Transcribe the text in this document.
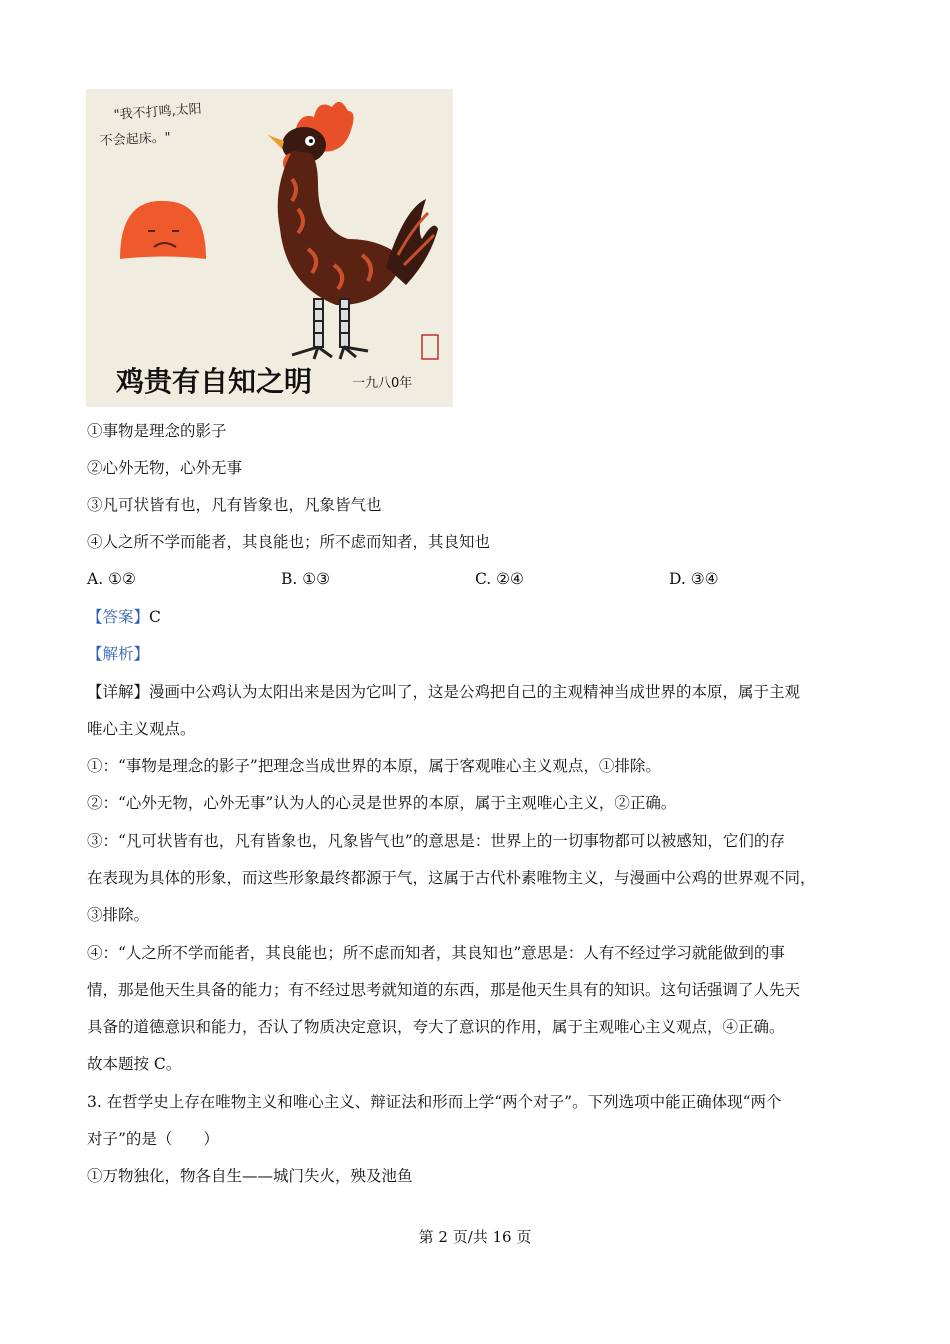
"我不打鸣,太阳
不会起床。"
鸡贵有自知之明	一九八0年
①事物是理念的影子
②心外无物，心外无事
③凡可状皆有也，凡有皆象也，凡象皆气也
④人之所不学而能者，其良能也；所不虑而知者，其良知也
A. ①②	B. ①③	C. ②④	D. ③④
【答案】C
【解析】
【详解】漫画中公鸡认为太阳出来是因为它叫了，这是公鸡把自己的主观精神当成世界的本原，属于主观
唯心主义观点。
①：“事物是理念的影子”把理念当成世界的本原，属于客观唯心主义观点，①排除。
②：“心外无物，心外无事”认为人的心灵是世界的本原，属于主观唯心主义，②正确。
③：“凡可状皆有也，凡有皆象也，凡象皆气也”的意思是：世界上的一切事物都可以被感知，它们的存
在表现为具体的形象，而这些形象最终都源于气，这属于古代朴素唯物主义，与漫画中公鸡的世界观不同，
③排除。
④：“人之所不学而能者，其良能也；所不虑而知者，其良知也”意思是：人有不经过学习就能做到的事
情，那是他天生具备的能力；有不经过思考就知道的东西，那是他天生具有的知识。这句话强调了人先天
具备的道德意识和能力，否认了物质决定意识，夸大了意识的作用，属于主观唯心主义观点，④正确。
故本题按 C。
3. 在哲学史上存在唯物主义和唯心主义、辩证法和形而上学“两个对子”。下列选项中能正确体现“两个
对子”的是（　　）
①万物独化，物各自生——城门失火，殃及池鱼
第 2 页/共 16 页
